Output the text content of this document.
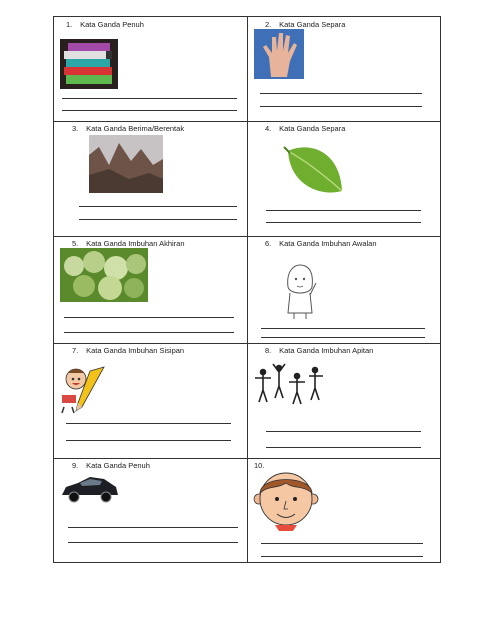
1. Kata Ganda Penuh	2. Kata Ganda Separa
3. Kata Ganda Berima/Berentak	4. Kata Ganda Separa
5. Kata Ganda Imbuhan Akhiran	6. Kata Ganda Imbuhan Awalan
7. Kata Ganda Imbuhan Sisipan	8. Kata Ganda Imbuhan Apitan
9. Kata Ganda Penuh	10.
